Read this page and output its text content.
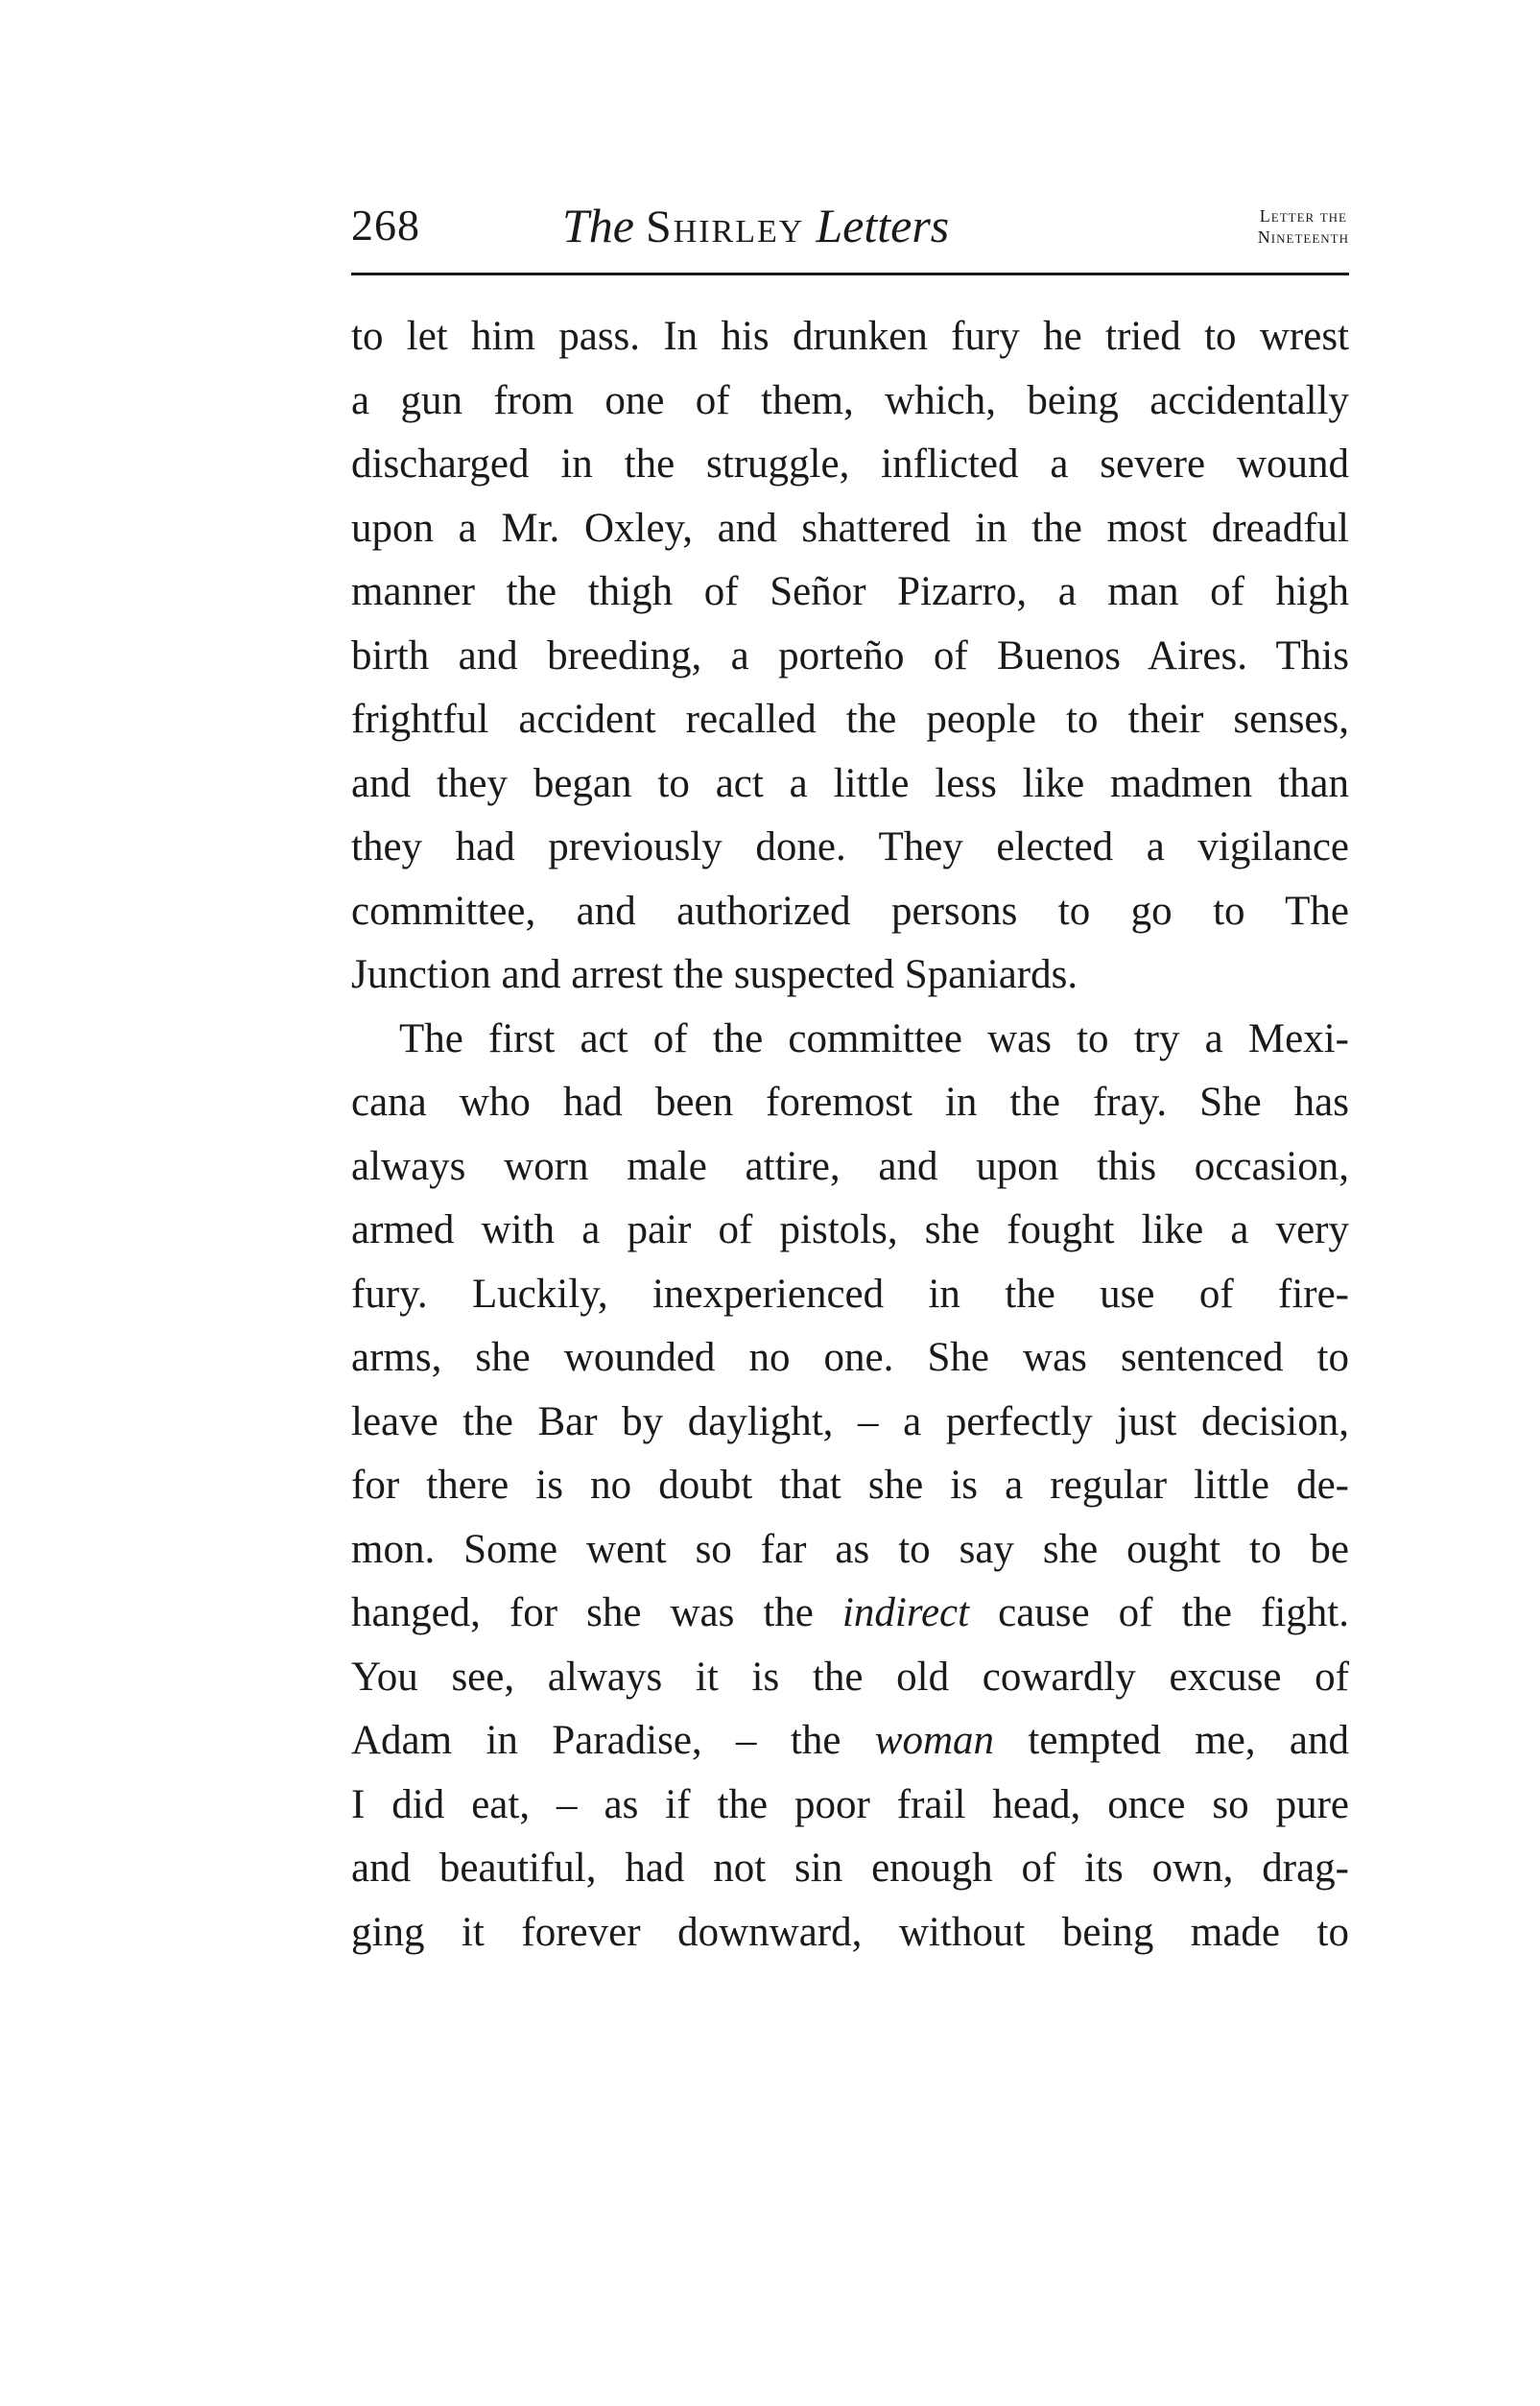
268	The Shirley Letters	Letter the
Nineteenth
to let him pass. In his drunken fury he tried to wrest
a gun from one of them, which, being accidentally
discharged in the struggle, inflicted a severe wound
upon a Mr. Oxley, and shattered in the most dreadful
manner the thigh of Señor Pizarro, a man of high
birth and breeding, a porteño of Buenos Aires. This
frightful accident recalled the people to their senses,
and they began to act a little less like madmen than
they had previously done. They elected a vigilance
committee, and authorized persons to go to The
Junction and arrest the suspected Spaniards.
The first act of the committee was to try a Mexi-
cana who had been foremost in the fray. She has
always worn male attire, and upon this occasion,
armed with a pair of pistols, she fought like a very
fury. Luckily, inexperienced in the use of fire-
arms, she wounded no one. She was sentenced to
leave the Bar by daylight, – a perfectly just decision,
for there is no doubt that she is a regular little de-
mon. Some went so far as to say she ought to be
hanged, for she was the indirect cause of the fight.
You see, always it is the old cowardly excuse of
Adam in Paradise, – the woman tempted me, and
I did eat, – as if the poor frail head, once so pure
and beautiful, had not sin enough of its own, drag-
ging it forever downward, without being made to
